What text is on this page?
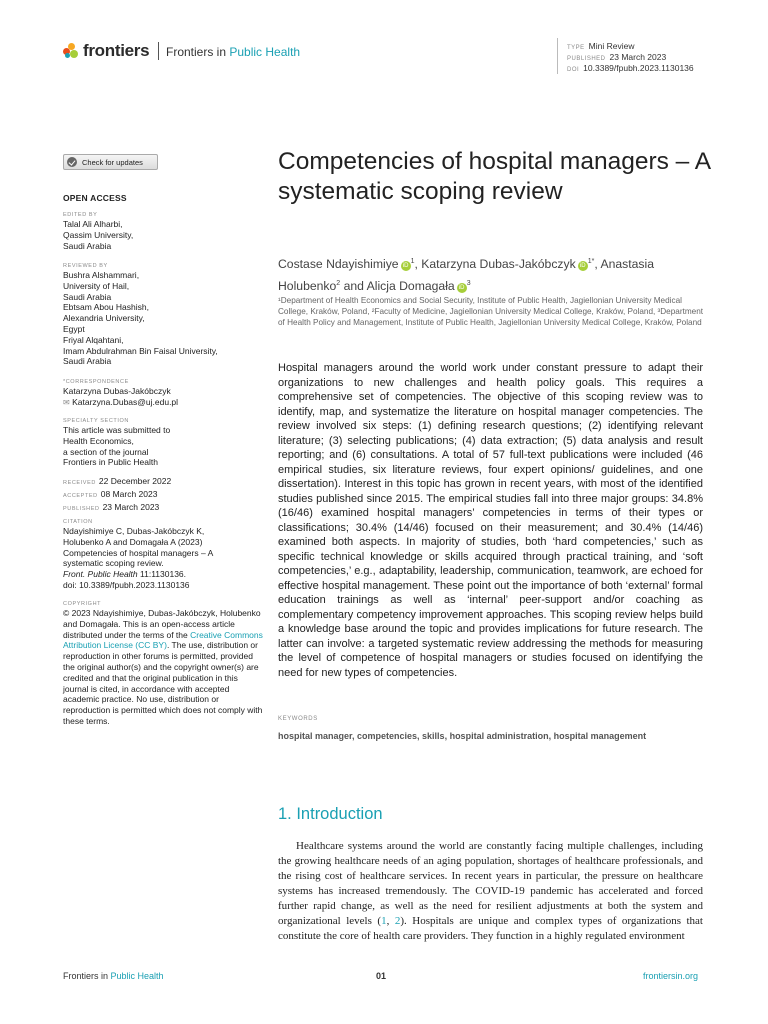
frontiers Frontiers in Public Health	TYPE Mini Review
PUBLISHED 23 March 2023
DOI 10.3389/fpubh.2023.1130136
Check for updates
OPEN ACCESS
EDITED BY
Talal Ali Alharbi,
Qassim University,
Saudi Arabia
REVIEWED BY
Bushra Alshammari,
University of Hail,
Saudi Arabia
Ebtsam Abou Hashish,
Alexandria University,
Egypt
Friyal Alqahtani,
Imam Abdulrahman Bin Faisal University,
Saudi Arabia
*CORRESPONDENCE
Katarzyna Dubas-Jakóbczyk
✉ Katarzyna.Dubas@uj.edu.pl
SPECIALTY SECTION
This article was submitted to
Health Economics,
a section of the journal
Frontiers in Public Health
RECEIVED 22 December 2022
ACCEPTED 08 March 2023
PUBLISHED 23 March 2023
CITATION
Ndayishimiye C, Dubas-Jakóbczyk K,
Holubenko A and Domagała A (2023)
Competencies of hospital managers – A
systematic scoping review.
Front. Public Health 11:1130136.
doi: 10.3389/fpubh.2023.1130136
COPYRIGHT
© 2023 Ndayishimiye, Dubas-Jakóbczyk, Holubenko and Domagała. This is an open-access article distributed under the terms of the Creative Commons Attribution License (CC BY). The use, distribution or reproduction in other forums is permitted, provided the original author(s) and the copyright owner(s) are credited and that the original publication in this journal is cited, in accordance with accepted academic practice. No use, distribution or reproduction is permitted which does not comply with these terms.
Competencies of hospital managers – A systematic scoping review
Costase Ndayishimiye $iD^1$, Katarzyna Dubas-Jakóbczyk $iD^{1*}$, Anastasia Holubenko$^2$ and Alicja Domagała $iD^3$
¹Department of Health Economics and Social Security, Institute of Public Health, Jagiellonian University Medical College, Kraków, Poland, ²Faculty of Medicine, Jagiellonian University Medical College, Kraków, Poland, ³Department of Health Policy and Management, Institute of Public Health, Jagiellonian University Medical College, Kraków, Poland
Hospital managers around the world work under constant pressure to adapt their organizations to new challenges and health policy goals. This requires a comprehensive set of competencies. The objective of this scoping review was to identify, map, and systematize the literature on hospital manager competencies. The review involved six steps: (1) defining research questions; (2) identifying relevant literature; (3) selecting publications; (4) data extraction; (5) data analysis and result reporting; and (6) consultations. A total of 57 full-text publications were included (46 empirical studies, six literature reviews, four expert opinions/ guidelines, and one dissertation). Interest in this topic has grown in recent years, with most of the identified studies published since 2015. The empirical studies fall into three major groups: 34.8% (16/46) examined hospital managers’ competencies in terms of their types or classifications; 30.4% (14/46) focused on their measurement; and 30.4% (14/46) examined both aspects. In majority of studies, both ‘hard competencies,’ such as specific technical knowledge or skills acquired through practical training, and ‘soft competencies,’ e.g., adaptability, leadership, communication, teamwork, are echoed for effective hospital management. These point out the importance of both ‘external’ formal education trainings as well as ‘internal’ peer-support and/or coaching as complementary competency improvement approaches. This scoping review helps build a knowledge base around the topic and provides implications for future research. The latter can involve: a targeted systematic review addressing the methods for measuring the level of competence of hospital managers or studies focused on identifying the need for new types of competencies.
KEYWORDS
hospital manager, competencies, skills, hospital administration, hospital management
1. Introduction
Healthcare systems around the world are constantly facing multiple challenges, including the growing healthcare needs of an aging population, shortages of healthcare professionals, and the rising cost of healthcare services. In recent years in particular, the pressure on healthcare systems has increased tremendously. The COVID-19 pandemic has accelerated and forced further rapid change, as well as the need for resilient adjustments at both the system and organizational levels (1, 2). Hospitals are unique and complex types of organizations that constitute the core of health care providers. They function in a highly regulated environment
Frontiers in Public Health	01	frontiersin.org
